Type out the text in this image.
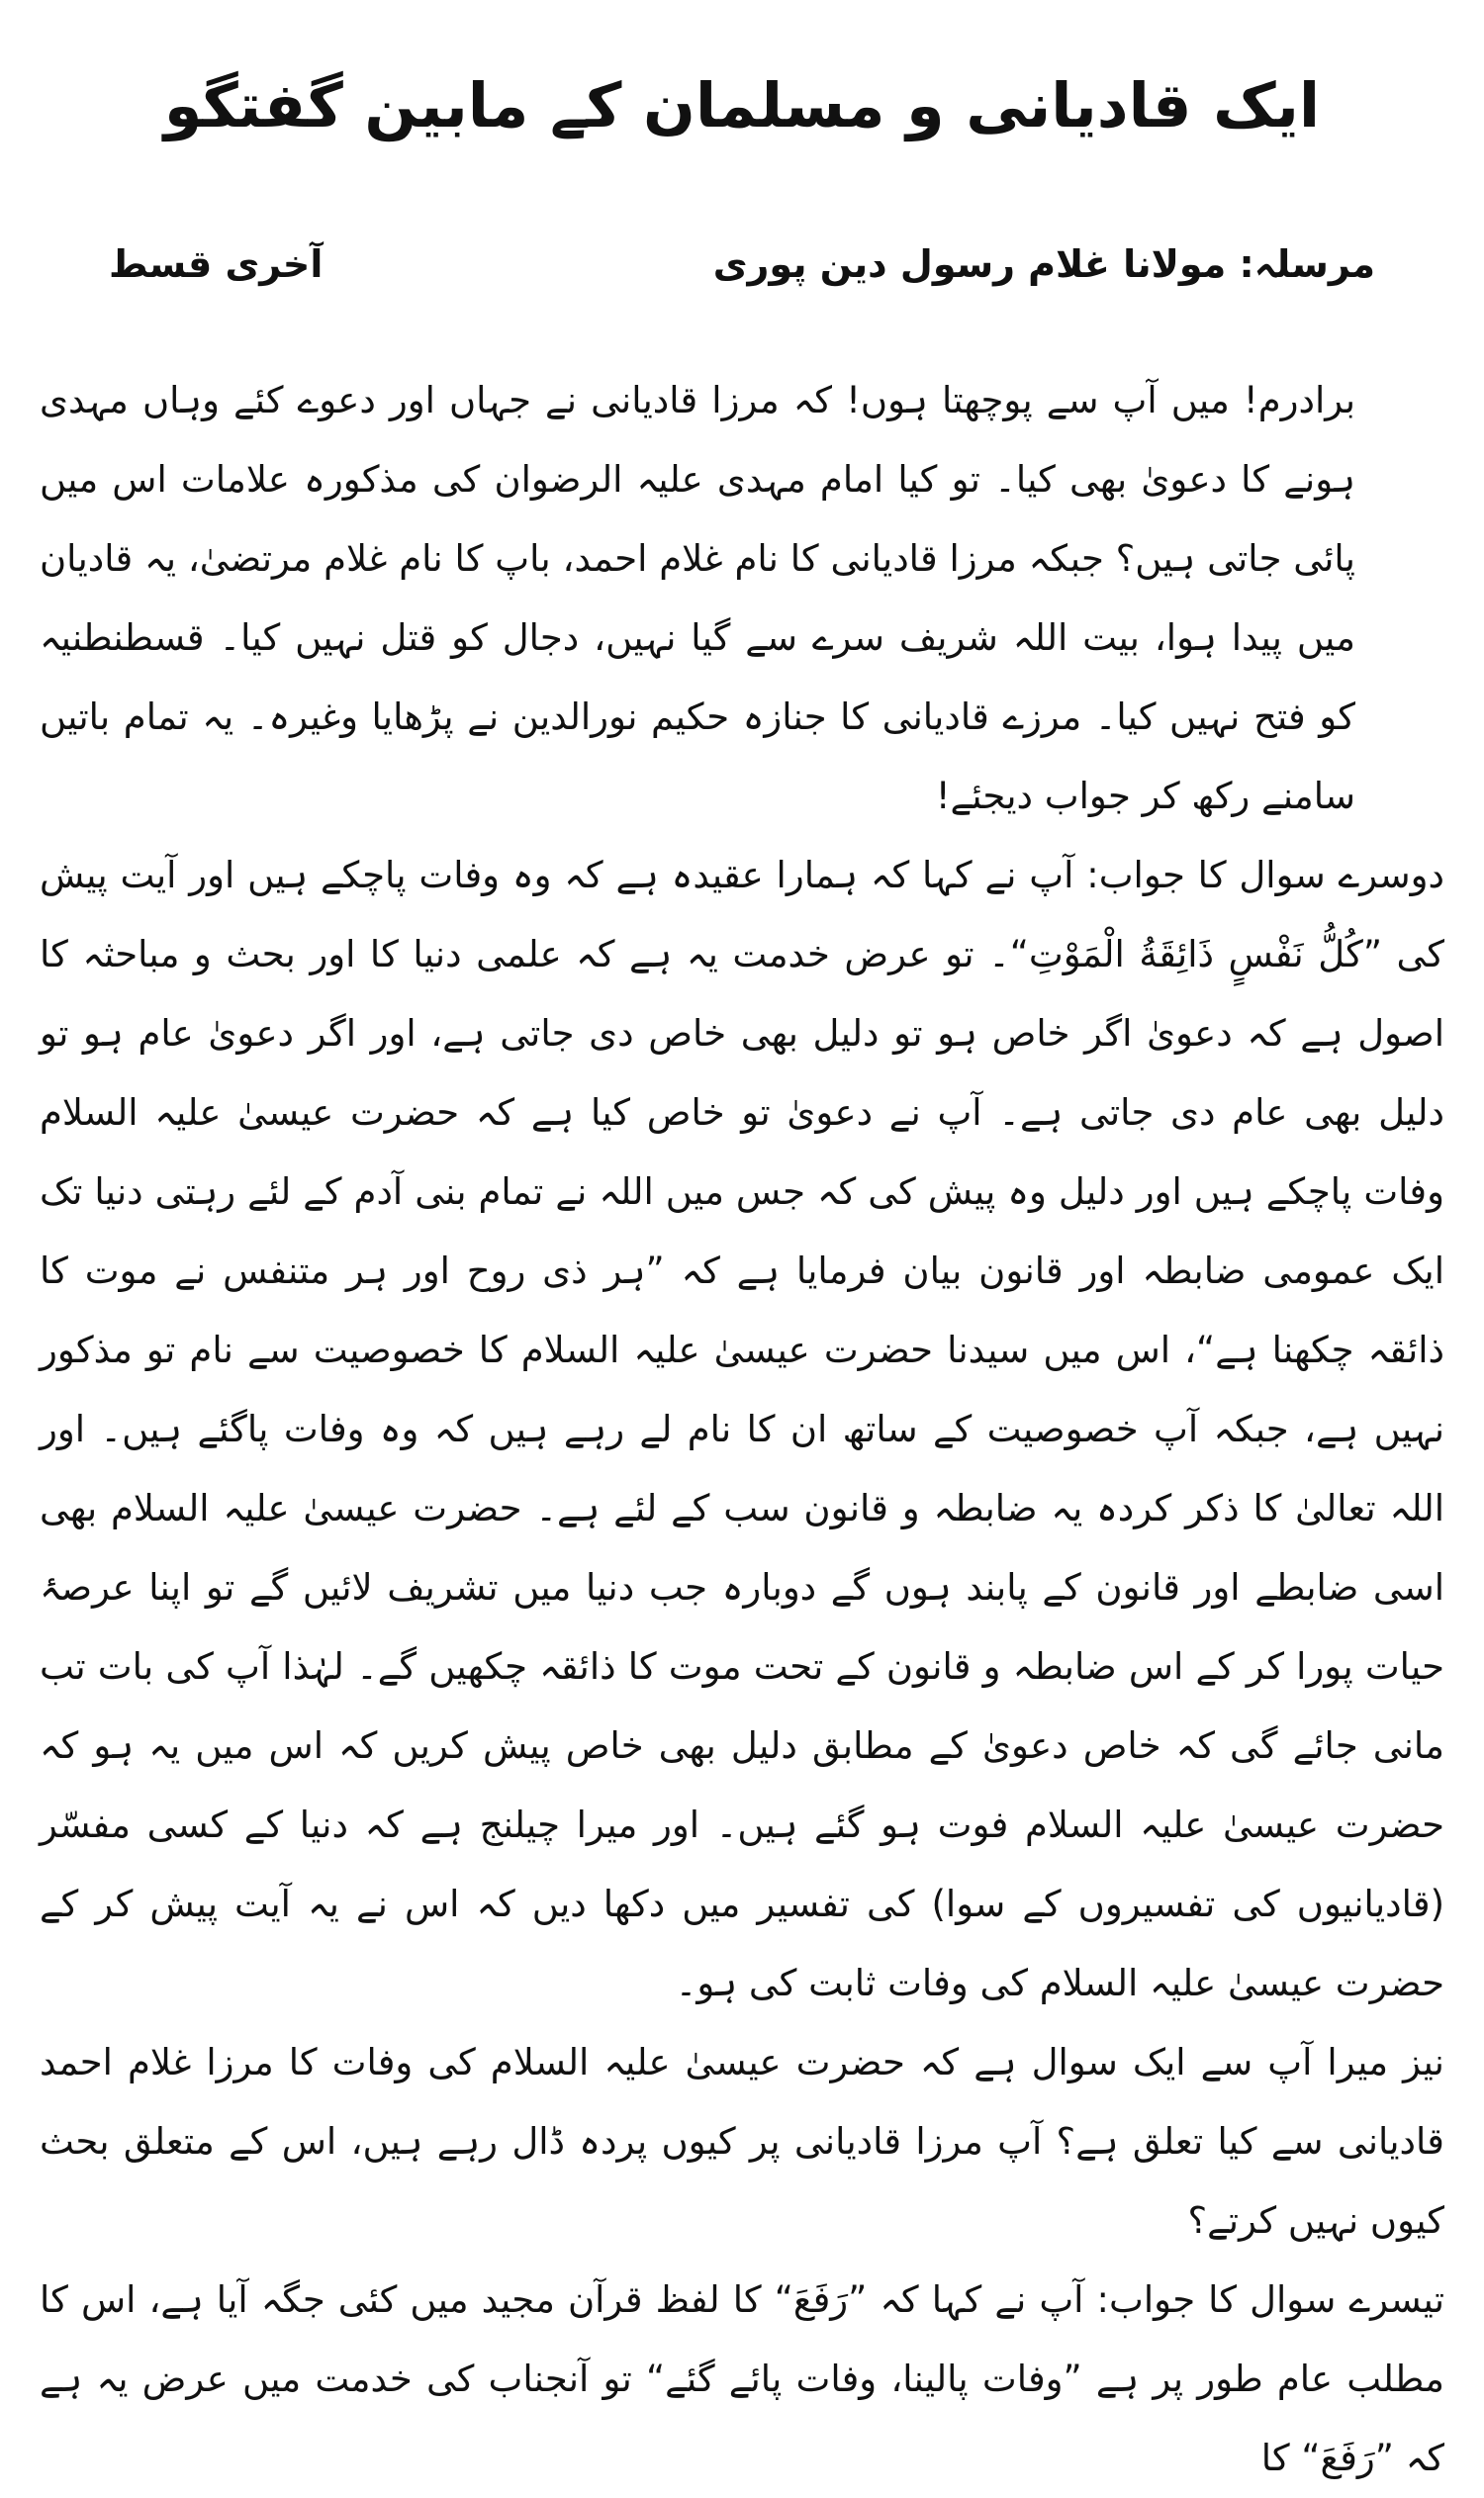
ایک قادیانی و مسلمان کے مابین گفتگو
آخری قسط	مرسلہ: مولانا غلام رسول دین پوری

برادرم! میں آپ سے پوچھتا ہوں! کہ مرزا قادیانی نے جہاں اور دعوے کئے وہاں مہدی ہونے کا دعویٰ بھی کیا۔ تو کیا امام مہدی علیہ الرضوان کی مذکورہ علامات اس میں پائی جاتی ہیں؟ جبکہ مرزا قادیانی کا نام غلام احمد، باپ کا نام غلام مرتضیٰ، یہ قادیان میں پیدا ہوا، بیت اللہ شریف سرے سے گیا نہیں، دجال کو قتل نہیں کیا۔ قسطنطنیہ کو فتح نہیں کیا۔ مرزے قادیانی کا جنازہ حکیم نورالدین نے پڑھایا وغیرہ۔ یہ تمام باتیں سامنے رکھ کر جواب دیجئے!

دوسرے سوال کا جواب: آپ نے کہا کہ ہمارا عقیدہ ہے کہ وہ وفات پاچکے ہیں اور آیت پیش کی ”کُلُّ نَفْسٍ ذَائِقَةُ الْمَوْتِ“۔ تو عرض خدمت یہ ہے کہ علمی دنیا کا اور بحث و مباحثہ کا اصول ہے کہ دعویٰ اگر خاص ہو تو دلیل بھی خاص دی جاتی ہے، اور اگر دعویٰ عام ہو تو دلیل بھی عام دی جاتی ہے۔ آپ نے دعویٰ تو خاص کیا ہے کہ حضرت عیسیٰ علیہ السلام وفات پاچکے ہیں اور دلیل وہ پیش کی کہ جس میں اللہ نے تمام بنی آدم کے لئے رہتی دنیا تک ایک عمومی ضابطہ اور قانون بیان فرمایا ہے کہ ”ہر ذی روح اور ہر متنفس نے موت کا ذائقہ چکھنا ہے“، اس میں سیدنا حضرت عیسیٰ علیہ السلام کا خصوصیت سے نام تو مذکور نہیں ہے، جبکہ آپ خصوصیت کے ساتھ ان کا نام لے رہے ہیں کہ وہ وفات پاگئے ہیں۔ اور اللہ تعالیٰ کا ذکر کردہ یہ ضابطہ و قانون سب کے لئے ہے۔ حضرت عیسیٰ علیہ السلام بھی اسی ضابطے اور قانون کے پابند ہوں گے دوبارہ جب دنیا میں تشریف لائیں گے تو اپنا عرصۂ حیات پورا کر کے اس ضابطہ و قانون کے تحت موت کا ذائقہ چکھیں گے۔ لہٰذا آپ کی بات تب مانی جائے گی کہ خاص دعویٰ کے مطابق دلیل بھی خاص پیش کریں کہ اس میں یہ ہو کہ حضرت عیسیٰ علیہ السلام فوت ہو گئے ہیں۔ اور میرا چیلنج ہے کہ دنیا کے کسی مفسّر (قادیانیوں کی تفسیروں کے سوا) کی تفسیر میں دکھا دیں کہ اس نے یہ آیت پیش کر کے حضرت عیسیٰ علیہ السلام کی وفات ثابت کی ہو۔

نیز میرا آپ سے ایک سوال ہے کہ حضرت عیسیٰ علیہ السلام کی وفات کا مرزا غلام احمد قادیانی سے کیا تعلق ہے؟ آپ مرزا قادیانی پر کیوں پردہ ڈال رہے ہیں، اس کے متعلق بحث کیوں نہیں کرتے؟

تیسرے سوال کا جواب: آپ نے کہا کہ ”رَفَعَ“ کا لفظ قرآن مجید میں کئی جگہ آیا ہے، اس کا مطلب عام طور پر ہے ”وفات پالینا، وفات پائے گئے“ تو آنجناب کی خدمت میں عرض یہ ہے کہ ”رَفَعَ“ کا
